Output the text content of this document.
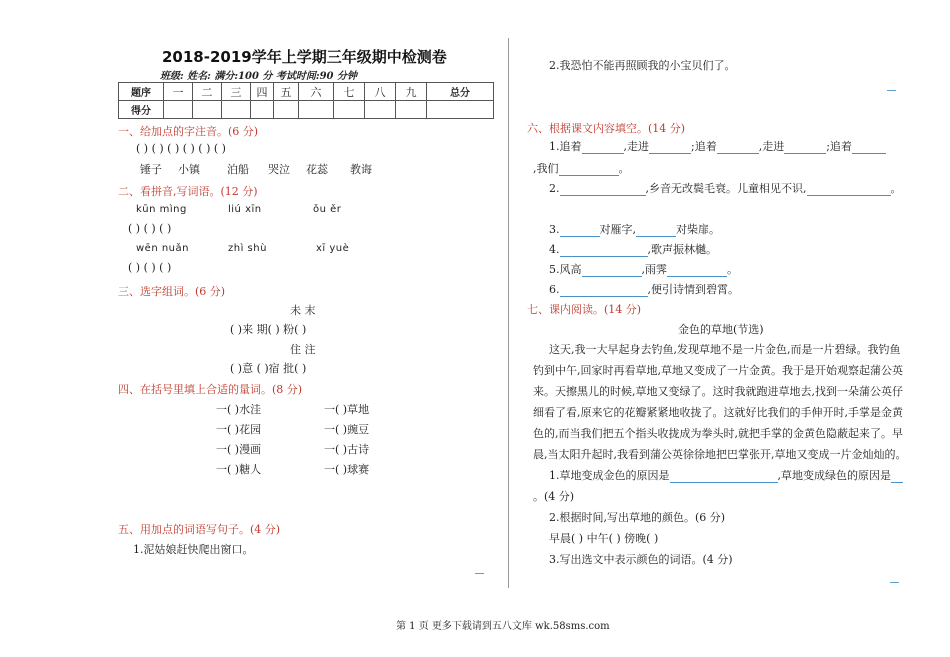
2018-2019学年上学期三年级期中检测卷
班级: 姓名: 满分:100 分 考试时间:90 分钟
题序	一	二	三	四	五	六	七	八	九	总分
得分										
一、给加点的字注音。(6 分)
( ) ( ) ( ) ( ) ( ) ( )
锤子 小镇 泊船 哭泣 花蕊 教诲
二、看拼音,写词语。(12 分)
kūn mìng	liú xīn	ǒu ěr
( ) ( ) ( )
wēn nuǎn	zhì shù	xī yuè
( ) ( ) ( )
三、选字组词。(6 分)
未 末
( )来 期( ) 粉( )
住 注
( )意 ( )宿 批( )
四、在括号里填上合适的量词。(8 分)
一( )水洼	一( )草地
一( )花园	一( )豌豆
一( )漫画	一( )古诗
一( )糖人	一( )球赛
五、用加点的词语写句子。(4 分)
1.泥姑娘赶快爬出窗口。
2.我恐怕不能再照顾我的小宝贝们了。
六、根据课文内容填空。(14 分)
1.追着	,走进	;追着	,走进	;追着
,我们	。
2.	,乡音无改鬓毛衰。儿童相见不识,	。
3.	对雁字,	对柴扉。
4.	,歌声振林樾。
5.风高	,雨霁	。
6.	,便引诗情到碧霄。
七、课内阅读。(14 分)
金色的草地(节选)
这天,我一大早起身去钓鱼,发现草地不是一片金色,而是一片碧绿。我钓鱼
钓到中午,回家时再看草地,草地又变成了一片金黄。我于是开始观察起蒲公英
来。天擦黑儿的时候,草地又变绿了。这时我就跑进草地去,找到一朵蒲公英仔
细看了看,原来它的花瓣紧紧地收拢了。这就好比我们的手伸开时,手掌是金黄
色的,而当我们把五个指头收拢成为拳头时,就把手掌的金黄色隐蔽起来了。早
晨,当太阳升起时,我看到蒲公英徐徐地把巴掌张开,草地又变成一片金灿灿的。
1.草地变成金色的原因是	,草地变成绿色的原因是
。(4 分)
2.根据时间,写出草地的颜色。(6 分)
早晨( ) 中午( ) 傍晚( )
3.写出选文中表示颜色的词语。(4 分)
第 1 页 更多下载请到五八文库 wk.58sms.com
